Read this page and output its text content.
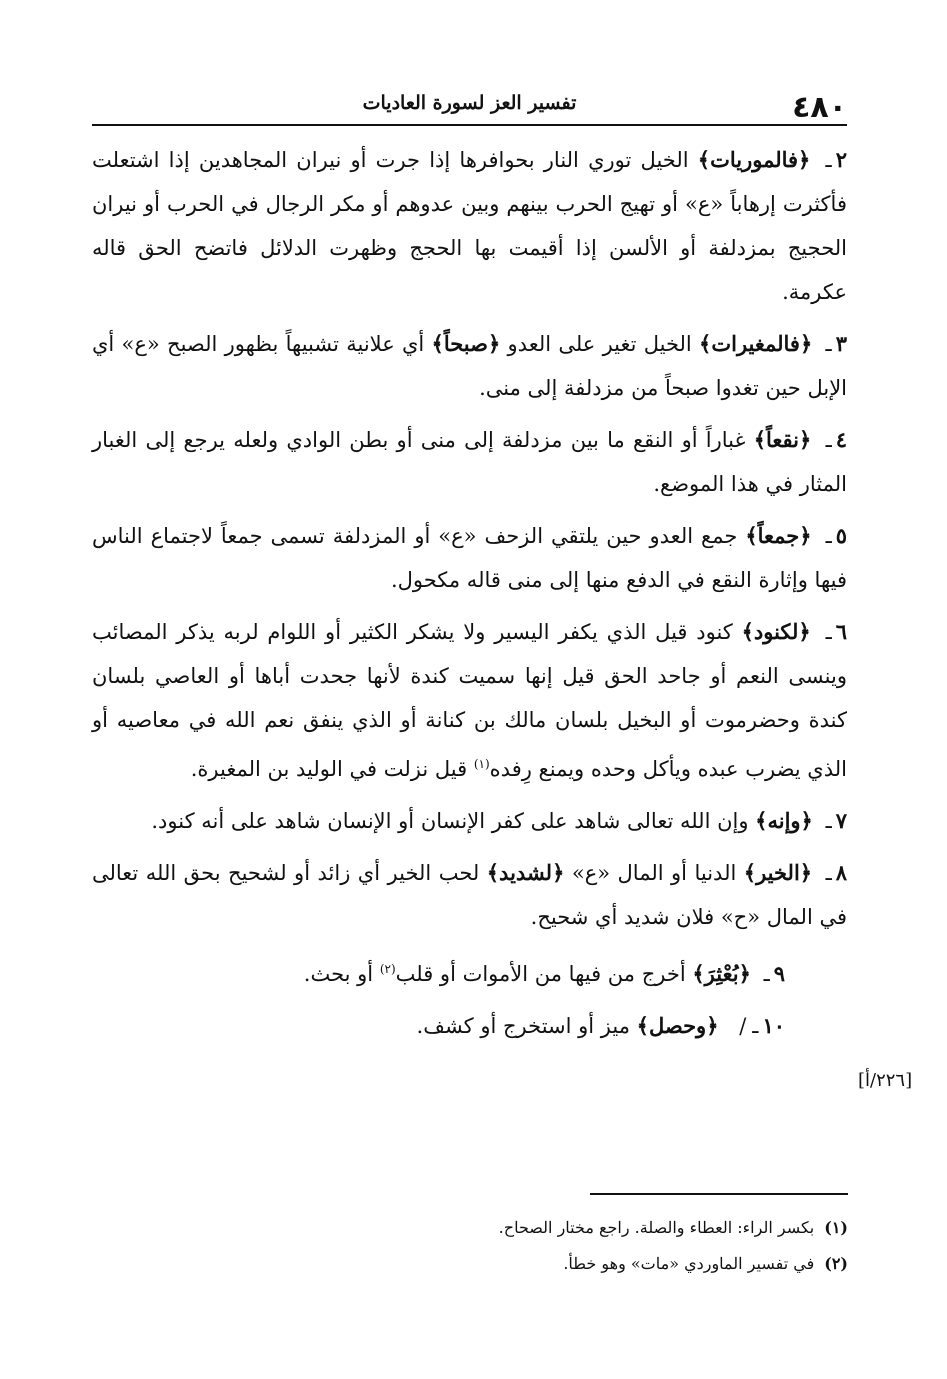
٤٨٠
تفسير العز لسورة العاديات

٢ـ ﴿فالموريات﴾ الخيل توري النار بحوافرها إذا جرت أو نيران المجاهدين إذا اشتعلت فأكثرت إرهاباً «ع» أو تهيج الحرب بينهم وبين عدوهم أو مكر الرجال في الحرب أو نيران الحجيج بمزدلفة أو الألسن إذا أقيمت بها الحجج وظهرت الدلائل فاتضح الحق قاله عكرمة.

٣ـ ﴿فالمغيرات﴾ الخيل تغير على العدو ﴿صبحاً﴾ أي علانية تشبيهاً بظهور الصبح «ع» أي الإبل حين تغدوا صبحاً من مزدلفة إلى منى.

٤ـ ﴿نقعاً﴾ غباراً أو النقع ما بين مزدلفة إلى منى أو بطن الوادي ولعله يرجع إلى الغبار المثار في هذا الموضع.

٥ـ ﴿جمعاً﴾ جمع العدو حين يلتقي الزحف «ع» أو المزدلفة تسمى جمعاً لاجتماع الناس فيها وإثارة النقع في الدفع منها إلى منى قاله مكحول.

٦ـ ﴿لكنود﴾ كنود قيل الذي يكفر اليسير ولا يشكر الكثير أو اللوام لربه يذكر المصائب وينسى النعم أو جاحد الحق قيل إنها سميت كندة لأنها جحدت أباها أو العاصي بلسان كندة وحضرموت أو البخيل بلسان مالك بن كنانة أو الذي ينفق نعم الله في معاصيه أو الذي يضرب عبده ويأكل وحده ويمنع رِفده$^{(١)}$ قيل نزلت في الوليد بن المغيرة.

٧ـ ﴿وإنه﴾ وإن الله تعالى شاهد على كفر الإنسان أو الإنسان شاهد على أنه كنود.

٨ـ ﴿الخير﴾ الدنيا أو المال «ع» ﴿لشديد﴾ لحب الخير أي زائد أو لشحيح بحق الله تعالى في المال «ح» فلان شديد أي شحيح.

٩ـ ﴿بُعْثِرَ﴾ أخرج من فيها من الأموات أو قلب$^{(٢)}$ أو بحث.

١٠ـ/ ﴿وحصل﴾ ميز أو استخرج أو كشف.

[٢٢٦/أ]
(١)بكسر الراء: العطاء والصلة. راجع مختار الصحاح.
(٢)في تفسير الماوردي «مات» وهو خطأ.
